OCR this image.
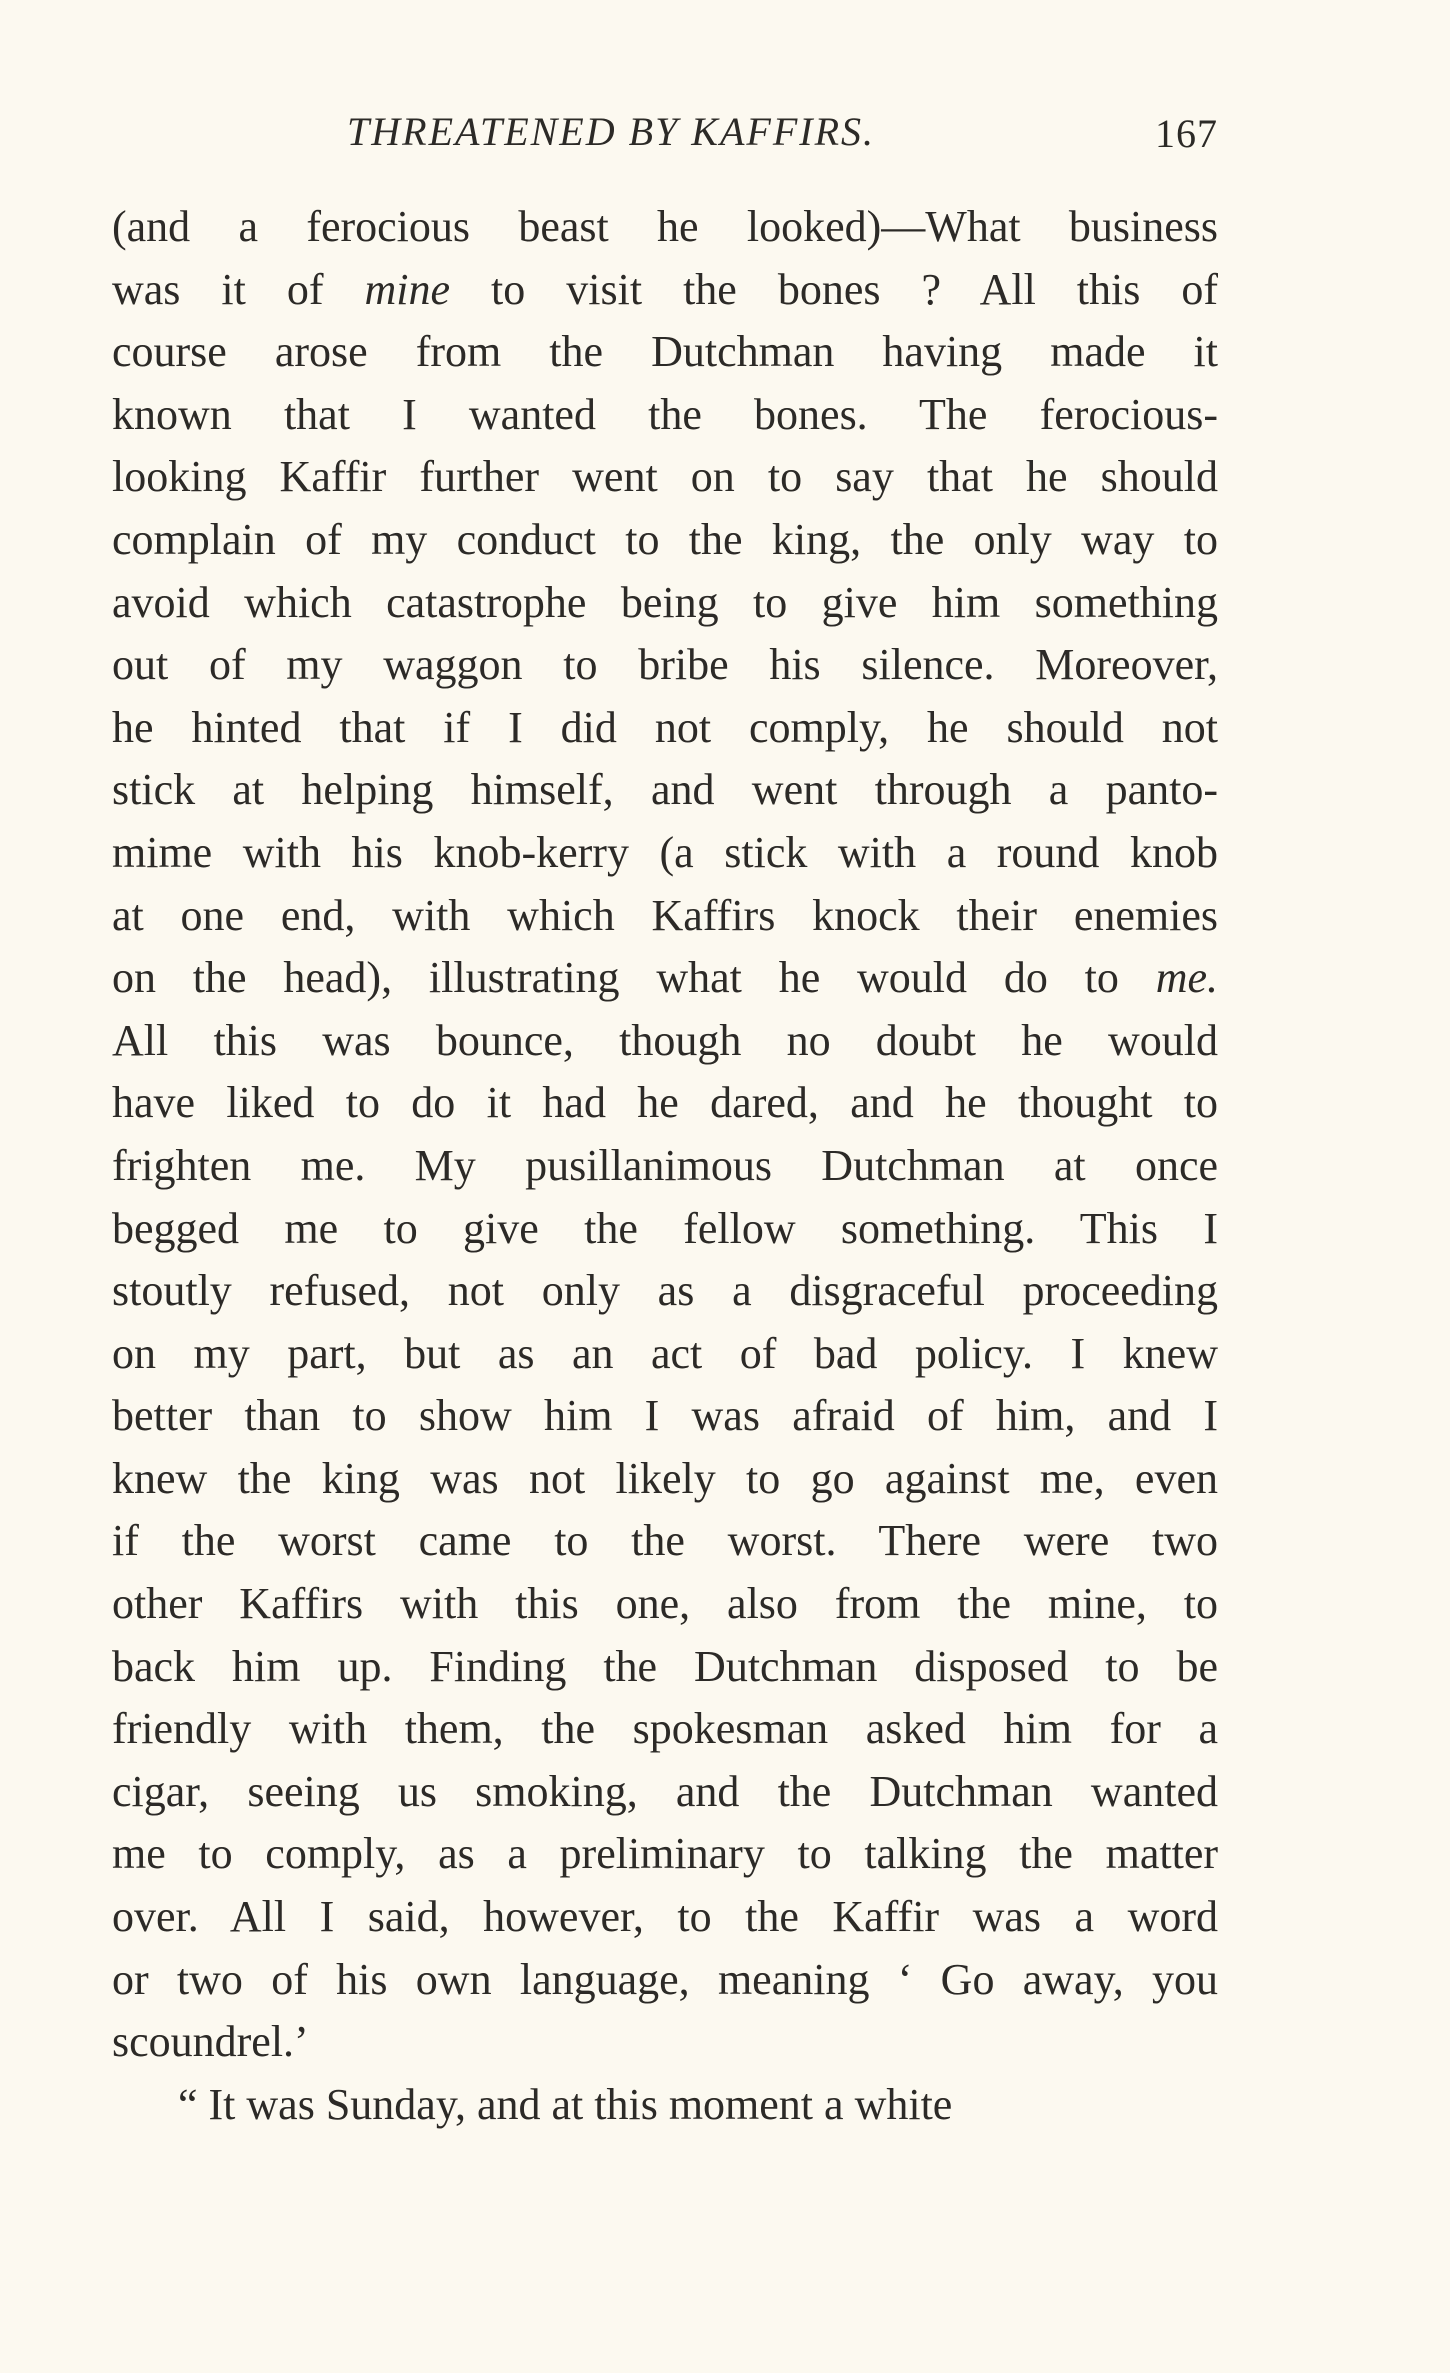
THREATENED BY KAFFIRS.	167
(and a ferocious beast he looked)—What business
was it of mine to visit the bones ? All this of
course arose from the Dutchman having made it
known that I wanted the bones. The ferocious-
looking Kaffir further went on to say that he should
complain of my conduct to the king, the only way to
avoid which catastrophe being to give him something
out of my waggon to bribe his silence. Moreover,
he hinted that if I did not comply, he should not
stick at helping himself, and went through a panto-
mime with his knob-kerry (a stick with a round knob
at one end, with which Kaffirs knock their enemies
on the head), illustrating what he would do to me.
All this was bounce, though no doubt he would
have liked to do it had he dared, and he thought to
frighten me. My pusillanimous Dutchman at once
begged me to give the fellow something. This I
stoutly refused, not only as a disgraceful proceeding
on my part, but as an act of bad policy. I knew
better than to show him I was afraid of him, and I
knew the king was not likely to go against me, even
if the worst came to the worst. There were two
other Kaffirs with this one, also from the mine, to
back him up. Finding the Dutchman disposed to be
friendly with them, the spokesman asked him for a
cigar, seeing us smoking, and the Dutchman wanted
me to comply, as a preliminary to talking the matter
over. All I said, however, to the Kaffir was a word
or two of his own language, meaning ‘ Go away, you
scoundrel.’
“ It was Sunday, and at this moment a white
